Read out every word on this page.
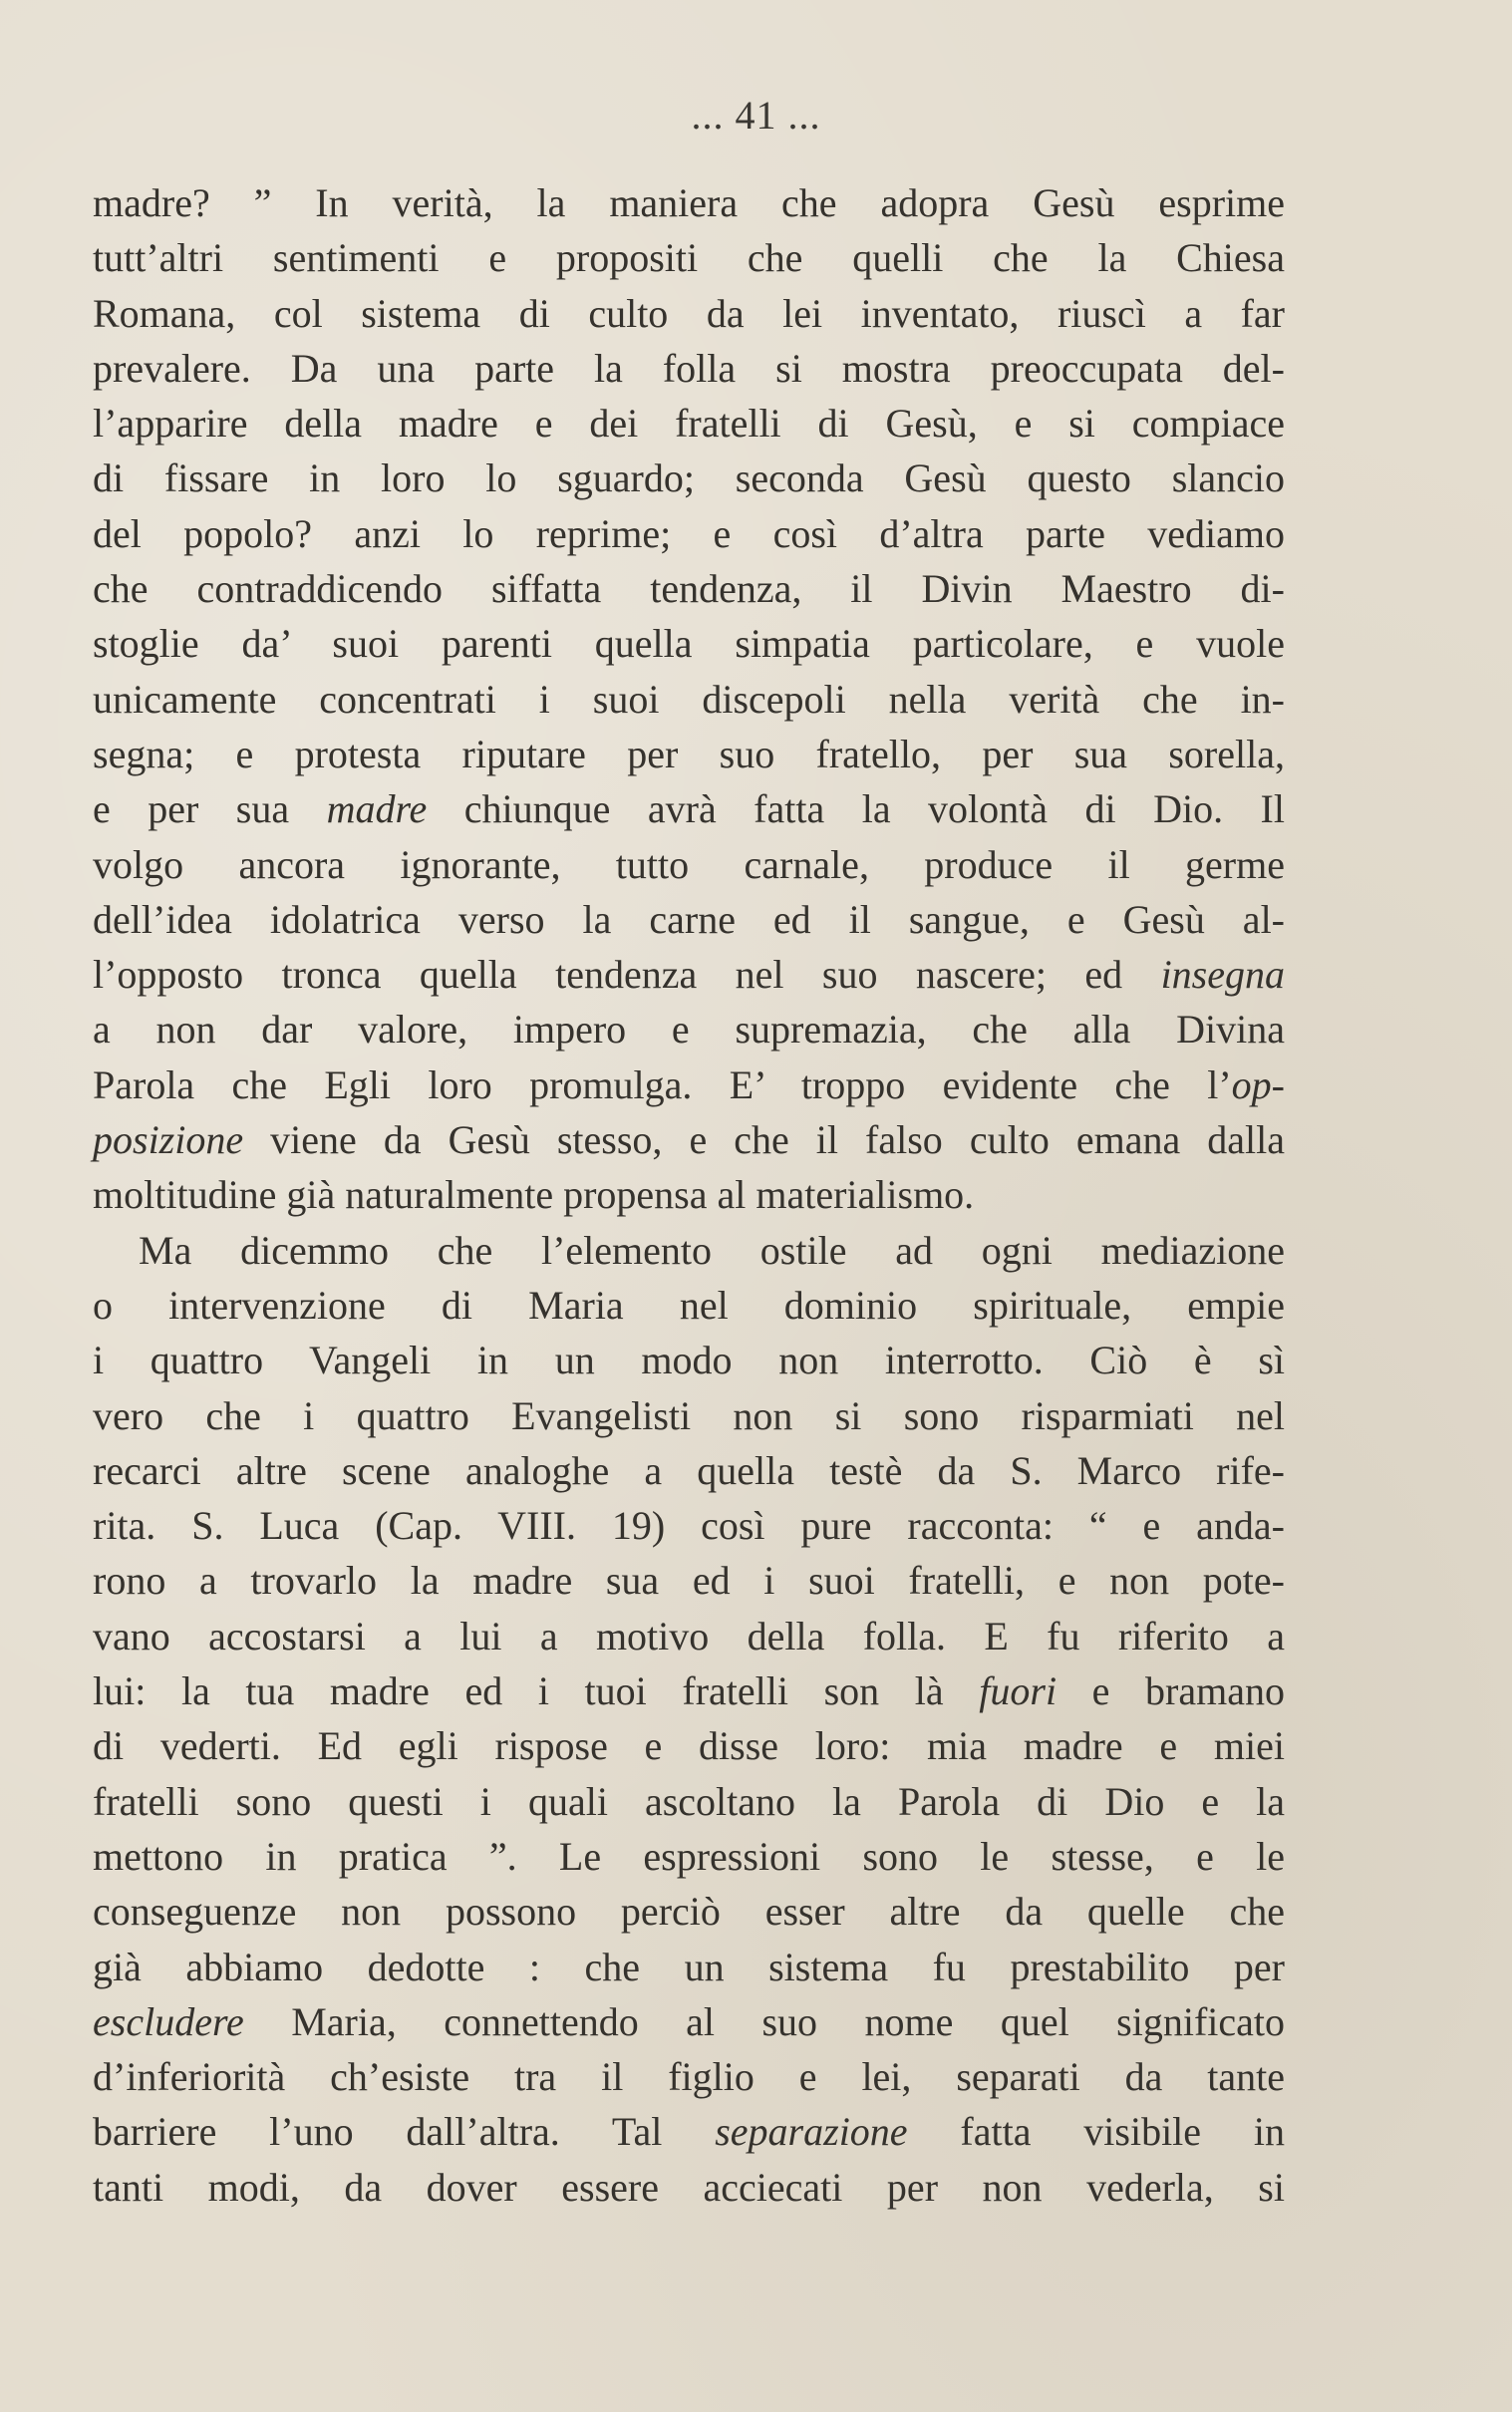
... 41 ...
madre? ” In verità, la maniera che adopra Gesù esprime
tutt’altri sentimenti e propositi che quelli che la Chiesa
Romana, col sistema di culto da lei inventato, riuscì a far
prevalere. Da una parte la folla si mostra preoccupata del-
l’apparire della madre e dei fratelli di Gesù, e si compiace
di fissare in loro lo sguardo; seconda Gesù questo slancio
del popolo? anzi lo reprime; e così d’altra parte vediamo
che contraddicendo siffatta tendenza, il Divin Maestro di-
stoglie da’ suoi parenti quella simpatia particolare, e vuole
unicamente concentrati i suoi discepoli nella verità che in-
segna; e protesta riputare per suo fratello, per sua sorella,
e per sua madre chiunque avrà fatta la volontà di Dio. Il
volgo ancora ignorante, tutto carnale, produce il germe
dell’idea idolatrica verso la carne ed il sangue, e Gesù al-
l’opposto tronca quella tendenza nel suo nascere; ed insegna
a non dar valore, impero e supremazia, che alla Divina
Parola che Egli loro promulga. E’ troppo evidente che l’op-
posizione viene da Gesù stesso, e che il falso culto emana dalla
moltitudine già naturalmente propensa al materialismo.
Ma dicemmo che l’elemento ostile ad ogni mediazione
o intervenzione di Maria nel dominio spirituale, empie
i quattro Vangeli in un modo non interrotto. Ciò è sì
vero che i quattro Evangelisti non si sono risparmiati nel
recarci altre scene analoghe a quella testè da S. Marco rife-
rita. S. Luca (Cap. VIII. 19) così pure racconta: “ e anda-
rono a trovarlo la madre sua ed i suoi fratelli, e non pote-
vano accostarsi a lui a motivo della folla. E fu riferito a
lui: la tua madre ed i tuoi fratelli son là fuori e bramano
di vederti. Ed egli rispose e disse loro: mia madre e miei
fratelli sono questi i quali ascoltano la Parola di Dio e la
mettono in pratica ”. Le espressioni sono le stesse, e le
conseguenze non possono perciò esser altre da quelle che
già abbiamo dedotte : che un sistema fu prestabilito per
escludere Maria, connettendo al suo nome quel significato
d’inferiorità ch’esiste tra il figlio e lei, separati da tante
barriere l’uno dall’altra. Tal separazione fatta visibile in
tanti modi, da dover essere acciecati per non vederla, si
